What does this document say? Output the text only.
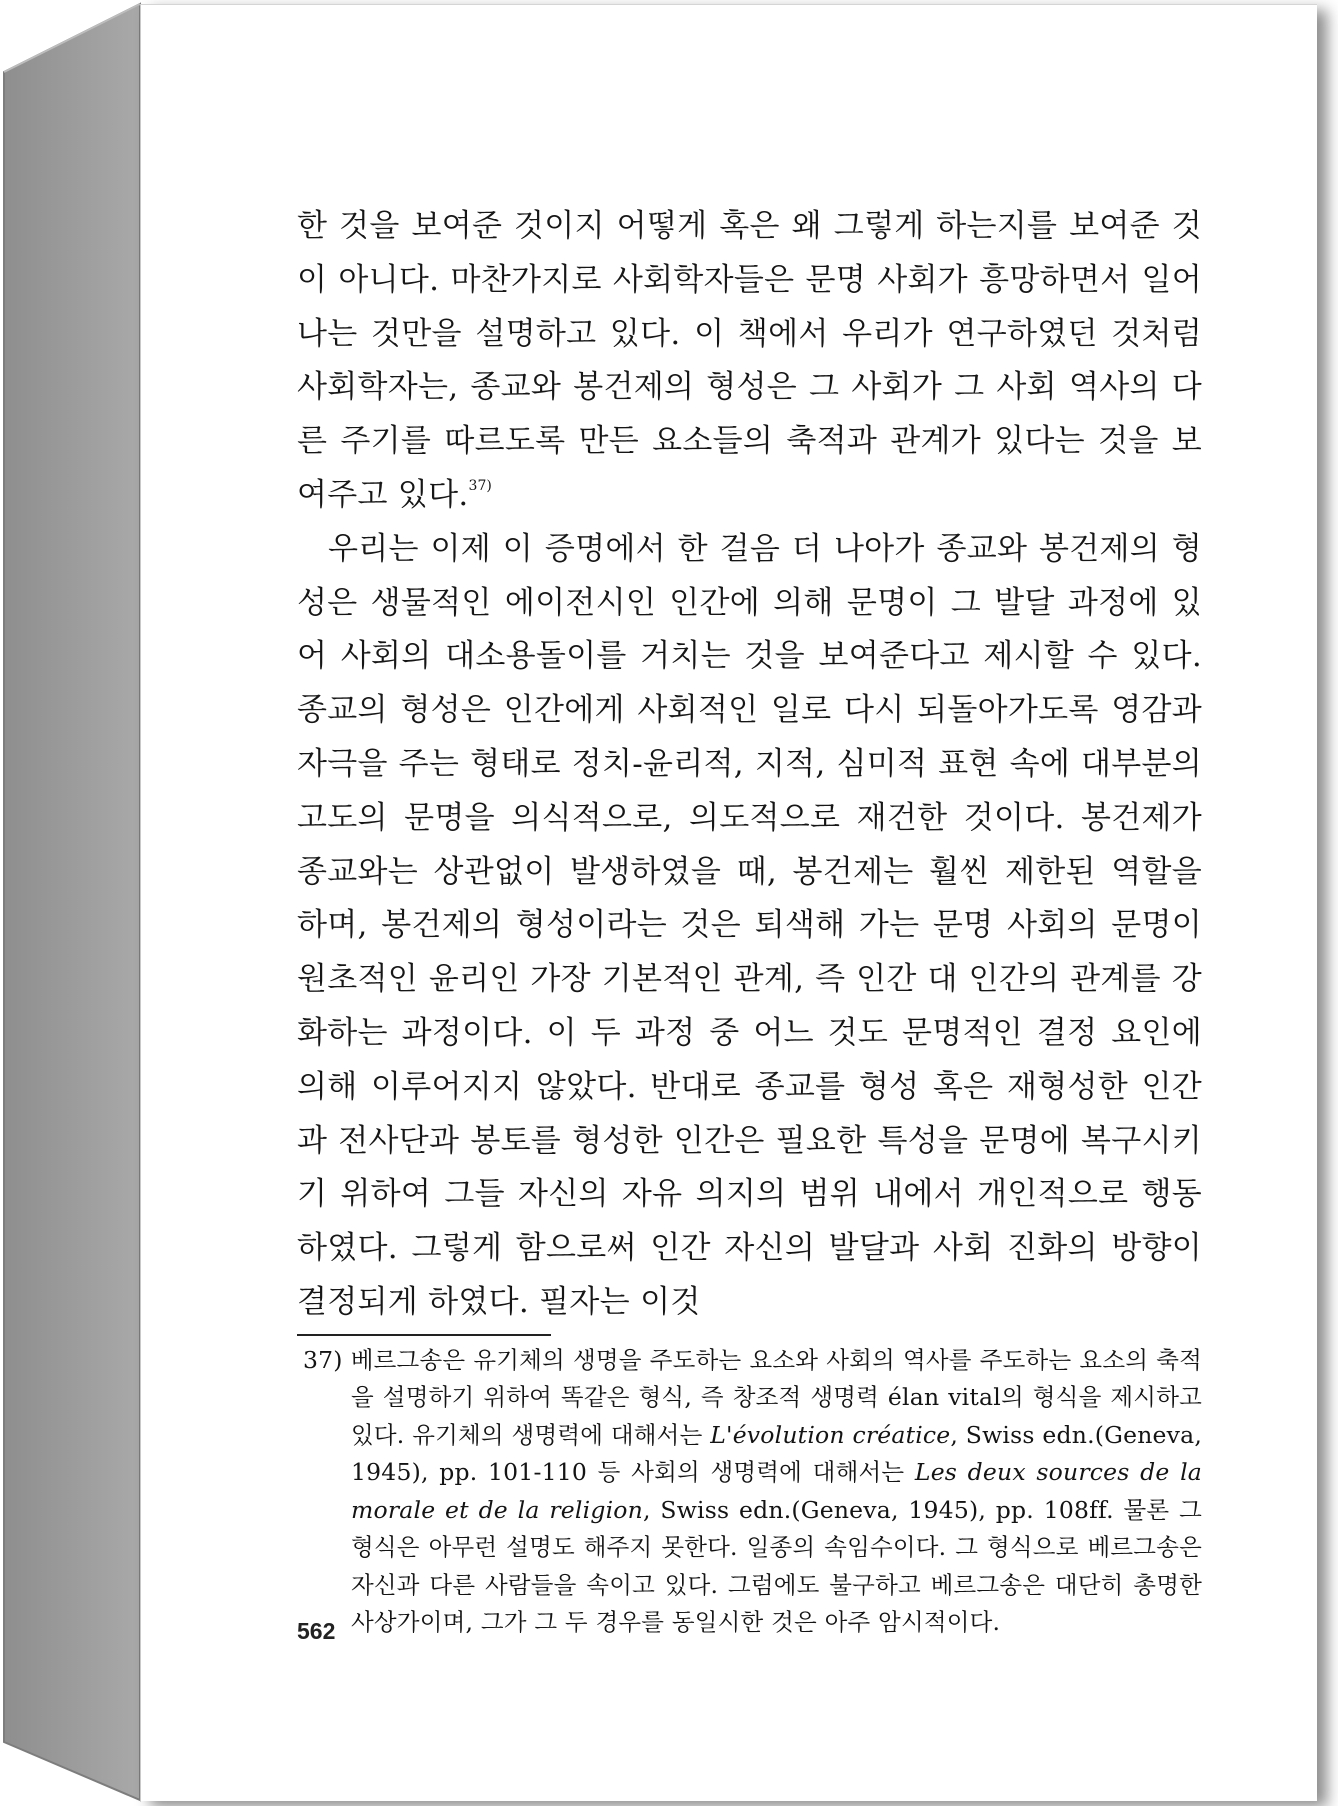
한 것을 보여준 것이지 어떻게 혹은 왜 그렇게 하는지를 보여준 것이 아니다. 마찬가지로 사회학자들은 문명 사회가 흥망하면서 일어나는 것만을 설명하고 있다. 이 책에서 우리가 연구하였던 것처럼 사회학자는, 종교와 봉건제의 형성은 그 사회가 그 사회 역사의 다른 주기를 따르도록 만든 요소들의 축적과 관계가 있다는 것을 보여주고 있다.$^{37)}$

우리는 이제 이 증명에서 한 걸음 더 나아가 종교와 봉건제의 형성은 생물적인 에이전시인 인간에 의해 문명이 그 발달 과정에 있어 사회의 대소용돌이를 거치는 것을 보여준다고 제시할 수 있다. 종교의 형성은 인간에게 사회적인 일로 다시 되돌아가도록 영감과 자극을 주는 형태로 정치-윤리적, 지적, 심미적 표현 속에 대부분의 고도의 문명을 의식적으로, 의도적으로 재건한 것이다. 봉건제가 종교와는 상관없이 발생하였을 때, 봉건제는 훨씬 제한된 역할을 하며, 봉건제의 형성이라는 것은 퇴색해 가는 문명 사회의 문명이 원초적인 윤리인 가장 기본적인 관계, 즉 인간 대 인간의 관계를 강화하는 과정이다. 이 두 과정 중 어느 것도 문명적인 결정 요인에 의해 이루어지지 않았다. 반대로 종교를 형성 혹은 재형성한 인간과 전사단과 봉토를 형성한 인간은 필요한 특성을 문명에 복구시키기 위하여 그들 자신의 자유 의지의 범위 내에서 개인적으로 행동하였다. 그렇게 함으로써 인간 자신의 발달과 사회 진화의 방향이 결정되게 하였다. 필자는 이것

37) 베르그송은 유기체의 생명을 주도하는 요소와 사회의 역사를 주도하는 요소의 축적을 설명하기 위하여 똑같은 형식, 즉 창조적 생명력 élan vital의 형식을 제시하고 있다. 유기체의 생명력에 대해서는 L'évolution créatice, Swiss edn.(Geneva, 1945), pp. 101-110 등 사회의 생명력에 대해서는 Les deux sources de la morale et de la religion, Swiss edn.(Geneva, 1945), pp. 108ff. 물론 그 형식은 아무런 설명도 해주지 못한다. 일종의 속임수이다. 그 형식으로 베르그송은 자신과 다른 사람들을 속이고 있다. 그럼에도 불구하고 베르그송은 대단히 총명한 사상가이며, 그가 그 두 경우를 동일시한 것은 아주 암시적이다.

562
